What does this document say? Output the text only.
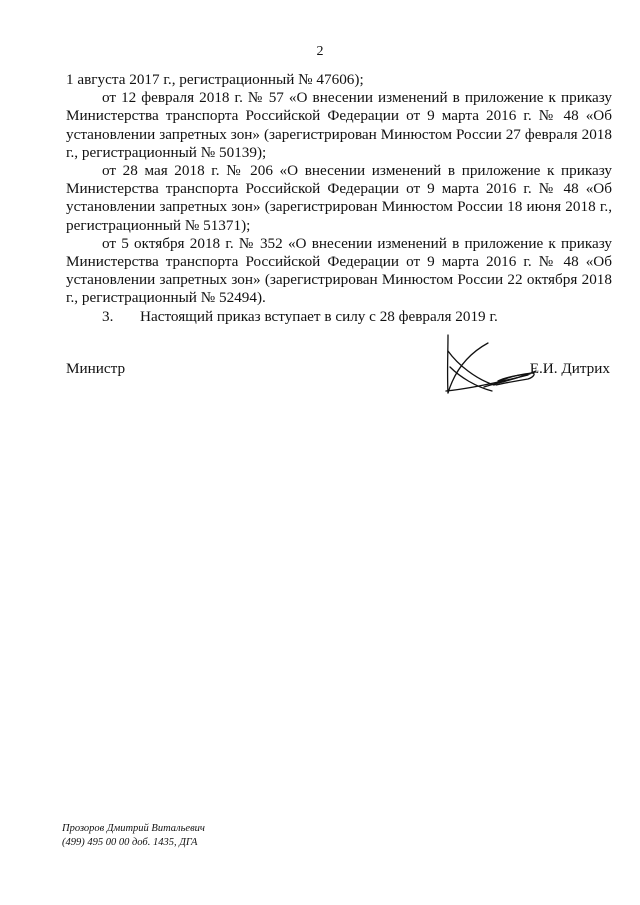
2

1 августа 2017 г., регистрационный № 47606);

от 12 февраля 2018 г. № 57 «О внесении изменений в приложение к приказу Министерства транспорта Российской Федерации от 9 марта 2016 г. № 48 «Об установлении запретных зон» (зарегистрирован Минюстом России 27 февраля 2018 г., регистрационный № 50139);

от 28 мая 2018 г. № 206 «О внесении изменений в приложение к приказу Министерства транспорта Российской Федерации от 9 марта 2016 г. № 48 «Об установлении запретных зон» (зарегистрирован Минюстом России 18 июня 2018 г., регистрационный № 51371);

от 5 октября 2018 г. № 352 «О внесении изменений в приложение к приказу Министерства транспорта Российской Федерации от 9 марта 2016 г. № 48 «Об установлении запретных зон» (зарегистрирован Минюстом России 22 октября 2018 г., регистрационный № 52494).

3. Настоящий приказ вступает в силу с 28 февраля 2019 г.

Министр	Е.И. Дитрих
Прозоров Дмитрий Витальевич
(499) 495 00 00 доб. 1435, ДГА
